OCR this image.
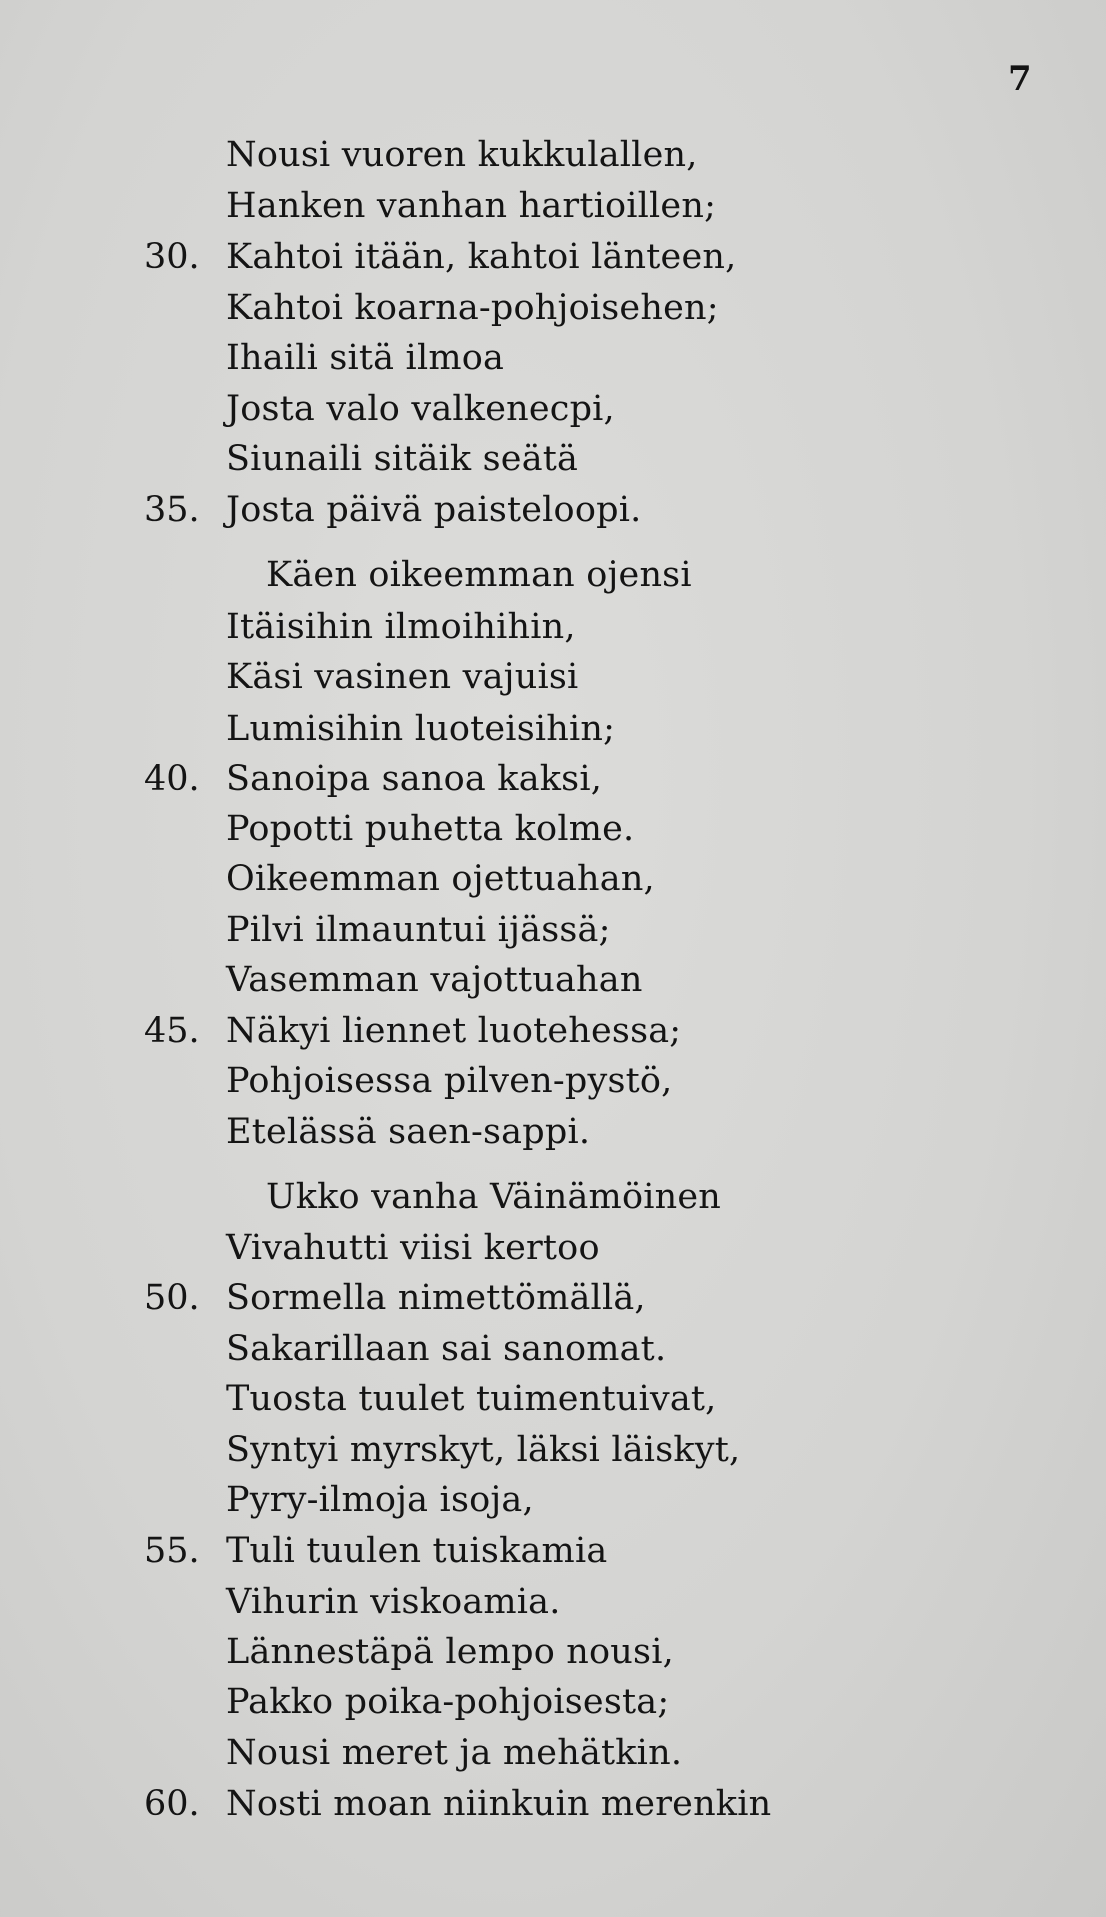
7
Nousi vuoren kukkulallen,
Hanken vanhan hartioillen;
Kahtoi itään, kahtoi länteen,
30.
Kahtoi koarna-pohjoisehen;
Ihaili sitä ilmoa
Josta valo valkenecpi,
Siunaili sitäik seätä
Josta päivä paisteloopi.
35.
Käen oikeemman ojensi
Itäisihin ilmoihihin,
Käsi vasinen vajuisi
Lumisihin luoteisihin;
Sanoipa sanoa kaksi,
40.
Popotti puhetta kolme.
Oikeemman ojettuahan,
Pilvi ilmauntui ijässä;
Vasemman vajottuahan
Näkyi liennet luotehessa;
45.
Pohjoisessa pilven-pystö,
Etelässä saen-sappi.
Ukko vanha Väinämöinen
Vivahutti viisi kertoo
Sormella nimettömällä,
50.
Sakarillaan sai sanomat.
Tuosta tuulet tuimentuivat,
Syntyi myrskyt, läksi läiskyt,
Pyry-ilmoja isoja,
Tuli tuulen tuiskamia
55.
Vihurin viskoamia.
Lännestäpä lempo nousi,
Pakko poika-pohjoisesta;
Nousi meret ja mehätkin.
Nosti moan niinkuin merenkin
60.
